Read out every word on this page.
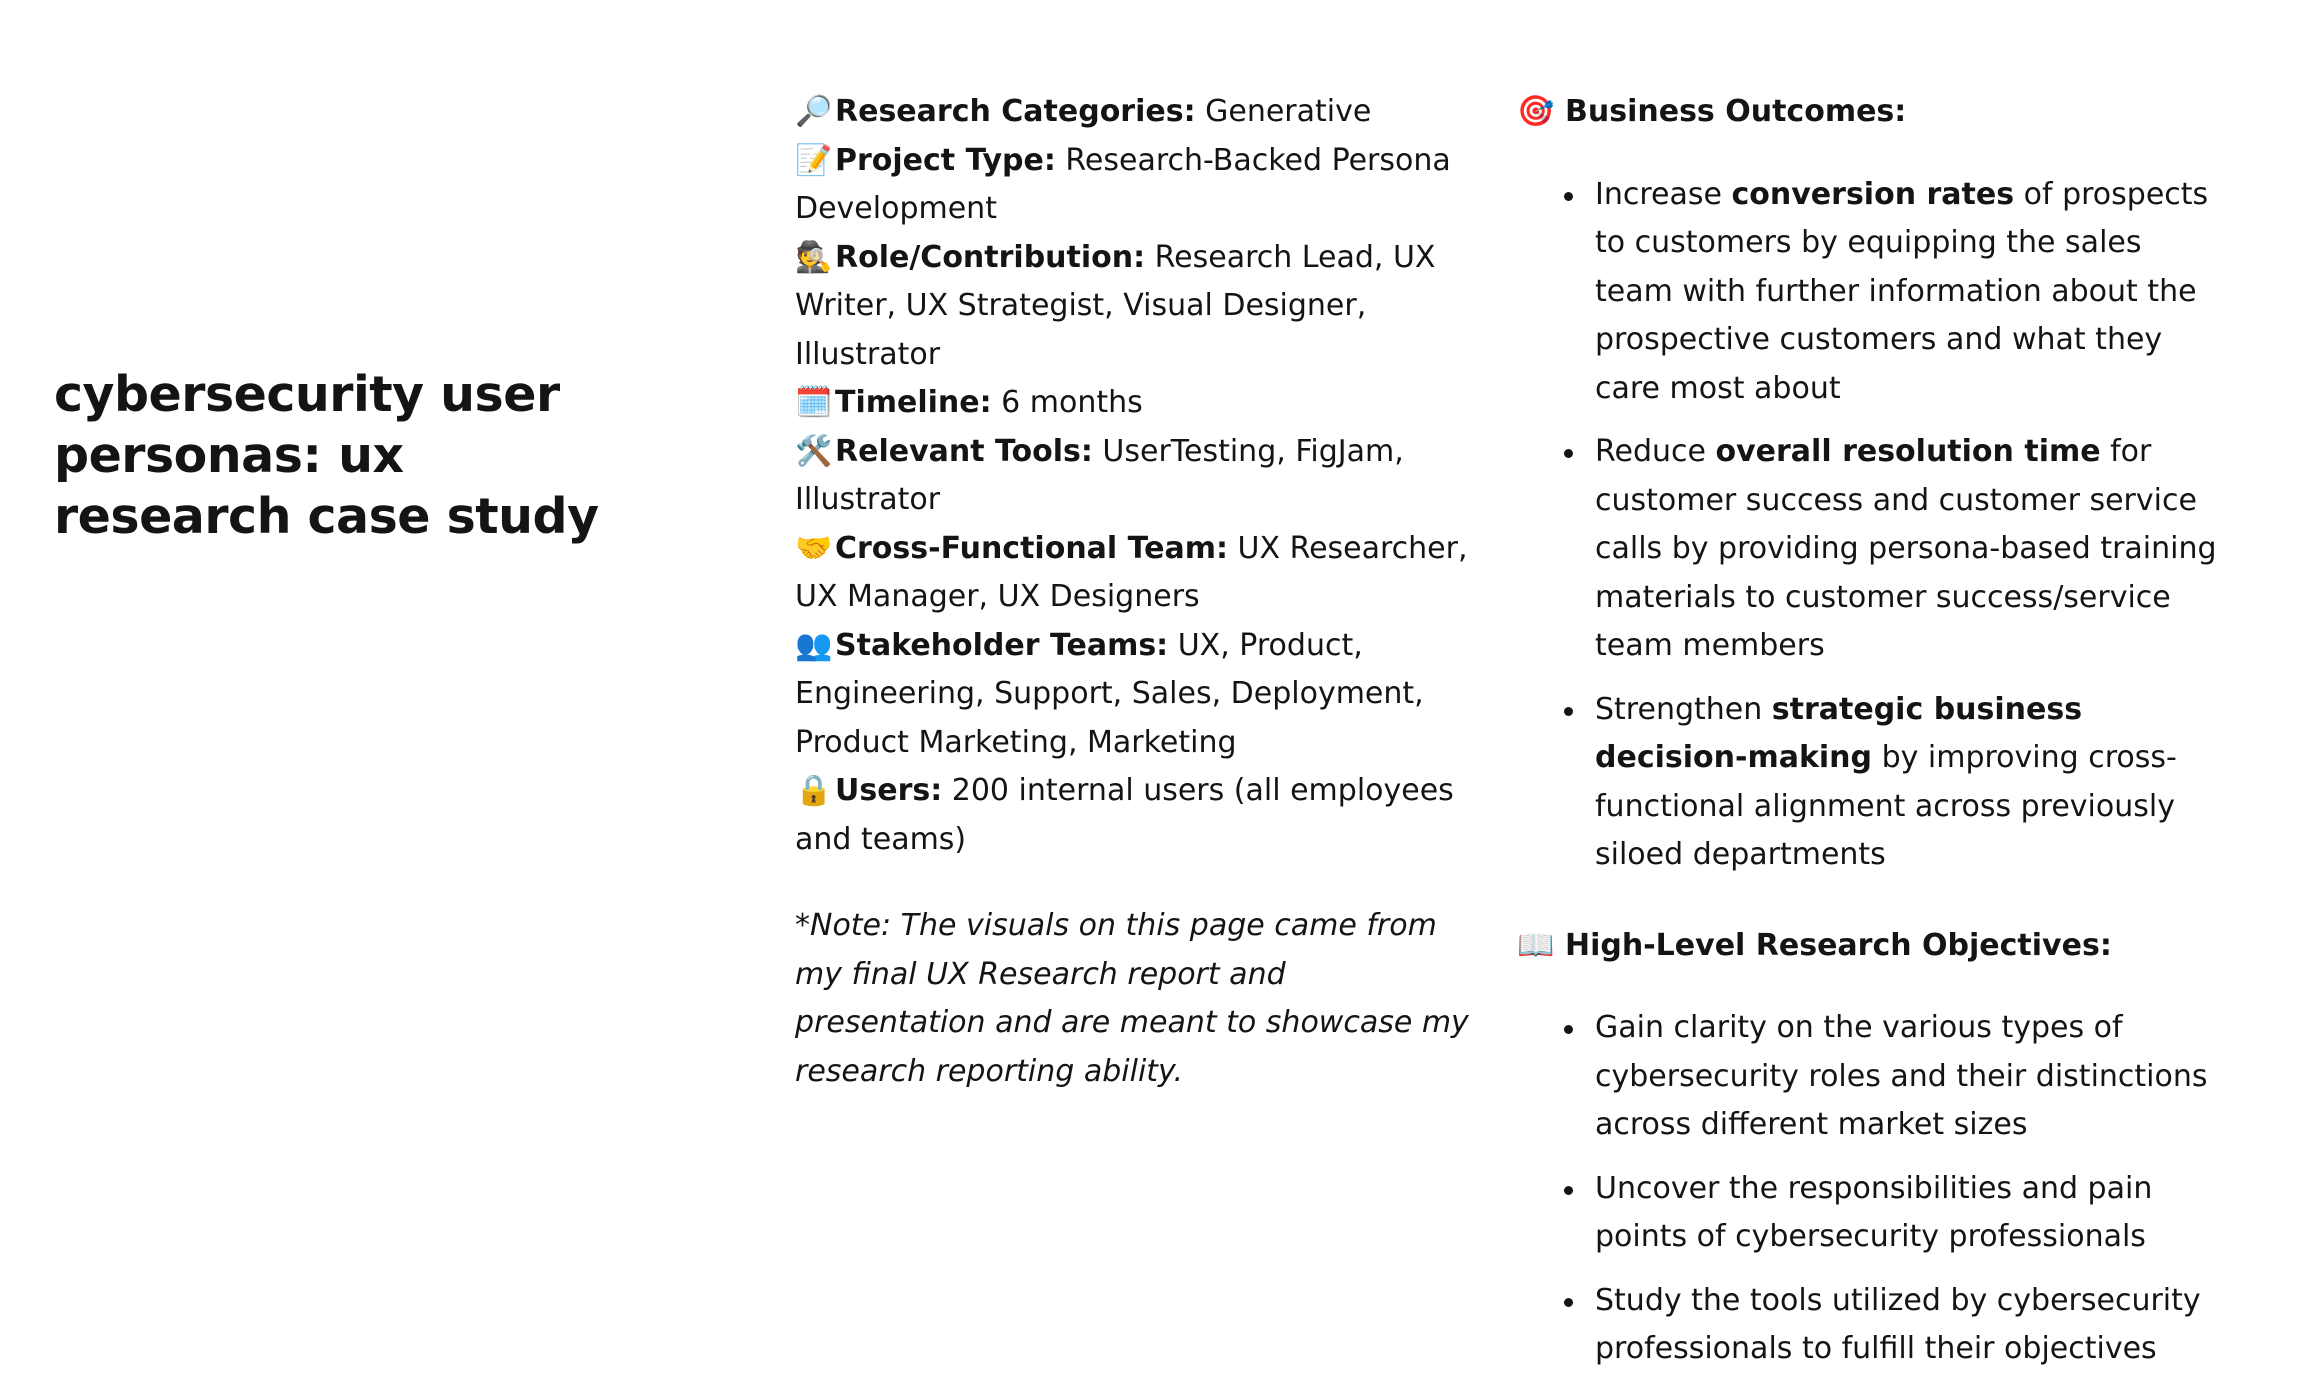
cybersecurity user personas: ux research case study

🔎Research Categories: Generative

📝Project Type: Research-Backed Persona Development

🕵️Role/Contribution: Research Lead, UX Writer, UX Strategist, Visual Designer, Illustrator

🗓️Timeline: 6 months

🛠️Relevant Tools: UserTesting, FigJam, Illustrator

🤝Cross-Functional Team: UX Researcher, UX Manager, UX Designers

👥Stakeholder Teams: UX, Product, Engineering, Support, Sales, Deployment, Product Marketing, Marketing

🔒Users: 200 internal users (all employees and teams)

*Note: The visuals on this page came from my final UX Research report and presentation and are meant to showcase my research reporting ability.

🎯 Business Outcomes:

Increase conversion rates of prospects to customers by equipping the sales team with further information about the prospective customers and what they care most about
Reduce overall resolution time for customer success and customer service calls by providing persona-based training materials to customer success/service team members
Strengthen strategic business decision-making by improving cross-functional alignment across previously siloed departments

📖 High-Level Research Objectives:

Gain clarity on the various types of cybersecurity roles and their distinctions across different market sizes
Uncover the responsibilities and pain points of cybersecurity professionals
Study the tools utilized by cybersecurity professionals to fulfill their objectives
